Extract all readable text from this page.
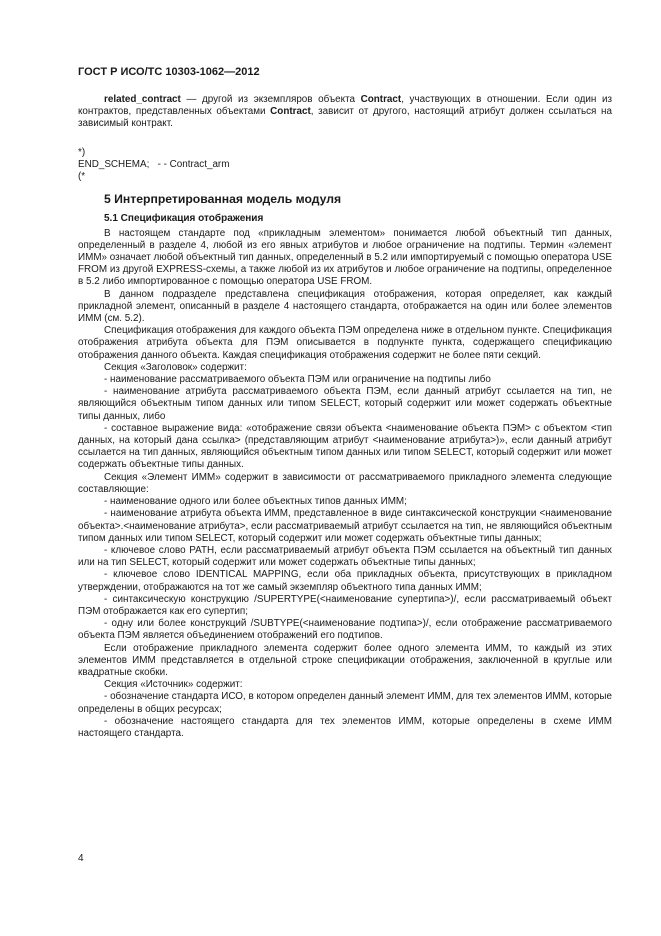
ГОСТ Р ИСО/ТС 10303-1062—2012

related_contract — другой из экземпляров объекта Contract, участвующих в отношении. Если один из контрактов, представленных объектами Contract, зависит от другого, настоящий атрибут должен ссылаться на зависимый контракт.

*)
END_SCHEMA;   - - Contract_arm
(*
5 Интерпретированная модель модуля
5.1 Спецификация отображения

В настоящем стандарте под «прикладным элементом» понимается любой объектный тип данных, определенный в разделе 4, любой из его явных атрибутов и любое ограничение на подтипы. Термин «элемент ИММ» означает любой объектный тип данных, определенный в 5.2 или импортируемый с помощью оператора USE FROM из другой EXPRESS-схемы, а также любой из их атрибутов и любое ограничение на подтипы, определенное в 5.2 либо импортированное с помощью оператора USE FROM.

В данном подразделе представлена спецификация отображения, которая определяет, как каждый прикладной элемент, описанный в разделе 4 настоящего стандарта, отображается на один или более элементов ИММ (см. 5.2).

Спецификация отображения для каждого объекта ПЭМ определена ниже в отдельном пункте. Спецификация отображения атрибута объекта для ПЭМ описывается в подпункте пункта, содержащего спецификацию отображения данного объекта. Каждая спецификация отображения содержит не более пяти секций.

Секция «Заголовок» содержит:

- наименование рассматриваемого объекта ПЭМ или ограничение на подтипы либо

- наименование атрибута рассматриваемого объекта ПЭМ, если данный атрибут ссылается на тип, не являющийся объектным типом данных или типом SELECT, который содержит или может содержать объектные типы данных, либо

- составное выражение вида: «отображение связи объекта <наименование объекта ПЭМ> с объектом <тип данных, на который дана ссылка> (представляющим атрибут <наименование атрибута>)», если данный атрибут ссылается на тип данных, являющийся объектным типом данных или типом SELECT, который содержит или может содержать объектные типы данных.

Секция «Элемент ИММ» содержит в зависимости от рассматриваемого прикладного элемента следующие составляющие:

- наименование одного или более объектных типов данных ИММ;

- наименование атрибута объекта ИММ, представленное в виде синтаксической конструкции <наименование объекта>.<наименование атрибута>, если рассматриваемый атрибут ссылается на тип, не являющийся объектным типом данных или типом SELECT, который содержит или может содержать объектные типы данных;

- ключевое слово PATH, если рассматриваемый атрибут объекта ПЭМ ссылается на объектный тип данных или на тип SELECT, который содержит или может содержать объектные типы данных;

- ключевое слово IDENTICAL MAPPING, если оба прикладных объекта, присутствующих в прикладном утверждении, отображаются на тот же самый экземпляр объектного типа данных ИММ;

- синтаксическую конструкцию /SUPERTYPE(<наименование супертипа>)/, если рассматриваемый объект ПЭМ отображается как его супертип;

- одну или более конструкций /SUBTYPE(<наименование подтипа>)/, если отображение рассматриваемого объекта ПЭМ является объединением отображений его подтипов.

Если отображение прикладного элемента содержит более одного элемента ИММ, то каждый из этих элементов ИММ представляется в отдельной строке спецификации отображения, заключенной в круглые или квадратные скобки.

Секция «Источник» содержит:

- обозначение стандарта ИСО, в котором определен данный элемент ИММ, для тех элементов ИММ, которые определены в общих ресурсах;

- обозначение настоящего стандарта для тех элементов ИММ, которые определены в схеме ИММ настоящего стандарта.

4
